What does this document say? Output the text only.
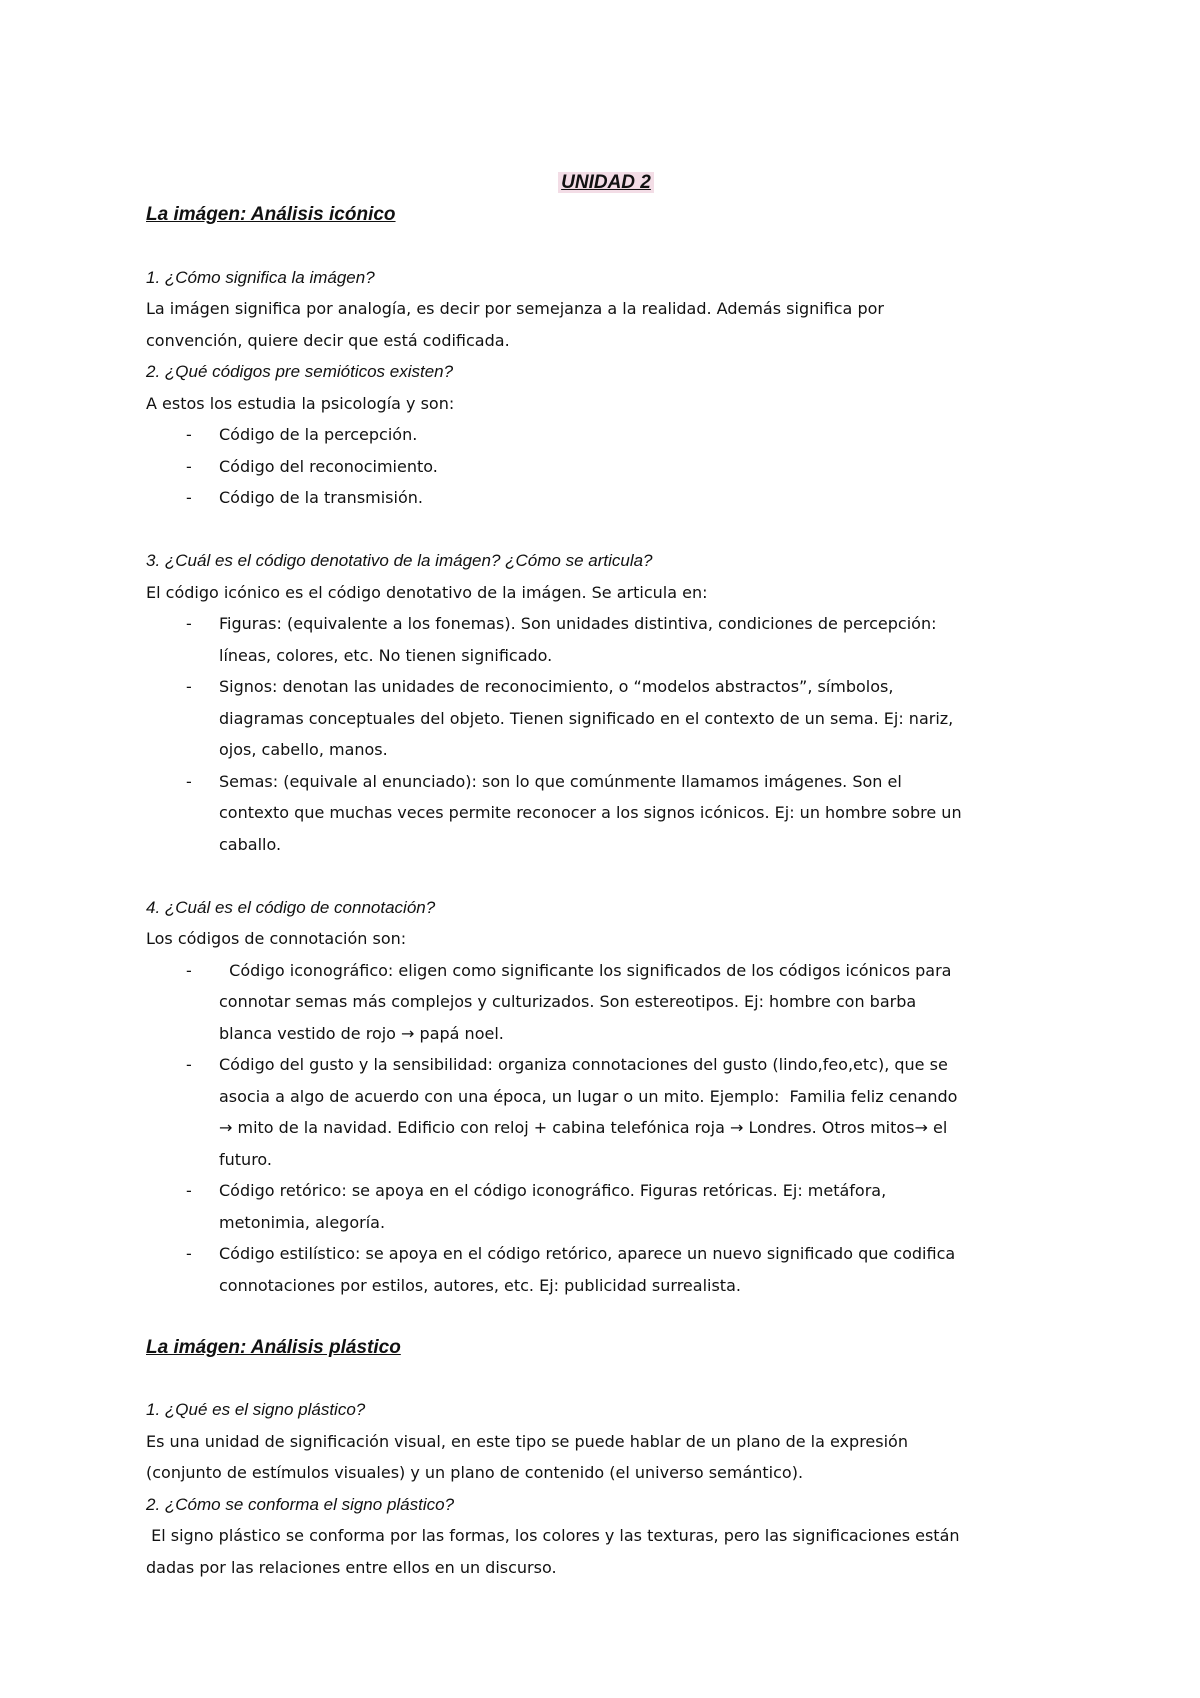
UNIDAD 2

La imágen: Análisis icónico

1. ¿Cómo significa la imágen?

La imágen significa por analogía, es decir por semejanza a la realidad. Además significa por

convención, quiere decir que está codificada.

2. ¿Qué códigos pre semióticos existen?

A estos los estudia la psicología y son:

- Código de la percepción.
- Código del reconocimiento.
- Código de la transmisión.

3. ¿Cuál es el código denotativo de la imágen? ¿Cómo se articula?

El código icónico es el código denotativo de la imágen. Se articula en:

- Figuras: (equivalente a los fonemas). Son unidades distintiva, condiciones de percepción:
líneas, colores, etc. No tienen significado.
- Signos: denotan las unidades de reconocimiento, o “modelos abstractos”, símbolos,
diagramas conceptuales del objeto. Tienen significado en el contexto de un sema. Ej: nariz,
ojos, cabello, manos.
- Semas: (equivale al enunciado): son lo que comúnmente llamamos imágenes. Son el
contexto que muchas veces permite reconocer a los signos icónicos. Ej: un hombre sobre un
caballo.

4. ¿Cuál es el código de connotación?

Los códigos de connotación son:

- Código iconográfico: eligen como significante los significados de los códigos icónicos para
connotar semas más complejos y culturizados. Son estereotipos. Ej: hombre con barba
blanca vestido de rojo → papá noel.
- Código del gusto y la sensibilidad: organiza connotaciones del gusto (lindo,feo,etc), que se
asocia a algo de acuerdo con una época, un lugar o un mito. Ejemplo:  Familia feliz cenando
→ mito de la navidad. Edificio con reloj + cabina telefónica roja → Londres. Otros mitos→ el
futuro.
- Código retórico: se apoya en el código iconográfico. Figuras retóricas. Ej: metáfora,
metonimia, alegoría.
- Código estilístico: se apoya en el código retórico, aparece un nuevo significado que codifica
connotaciones por estilos, autores, etc. Ej: publicidad surrealista.

La imágen: Análisis plástico

1. ¿Qué es el signo plástico?

Es una unidad de significación visual, en este tipo se puede hablar de un plano de la expresión

(conjunto de estímulos visuales) y un plano de contenido (el universo semántico).

2. ¿Cómo se conforma el signo plástico?

El signo plástico se conforma por las formas, los colores y las texturas, pero las significaciones están

dadas por las relaciones entre ellos en un discurso.
